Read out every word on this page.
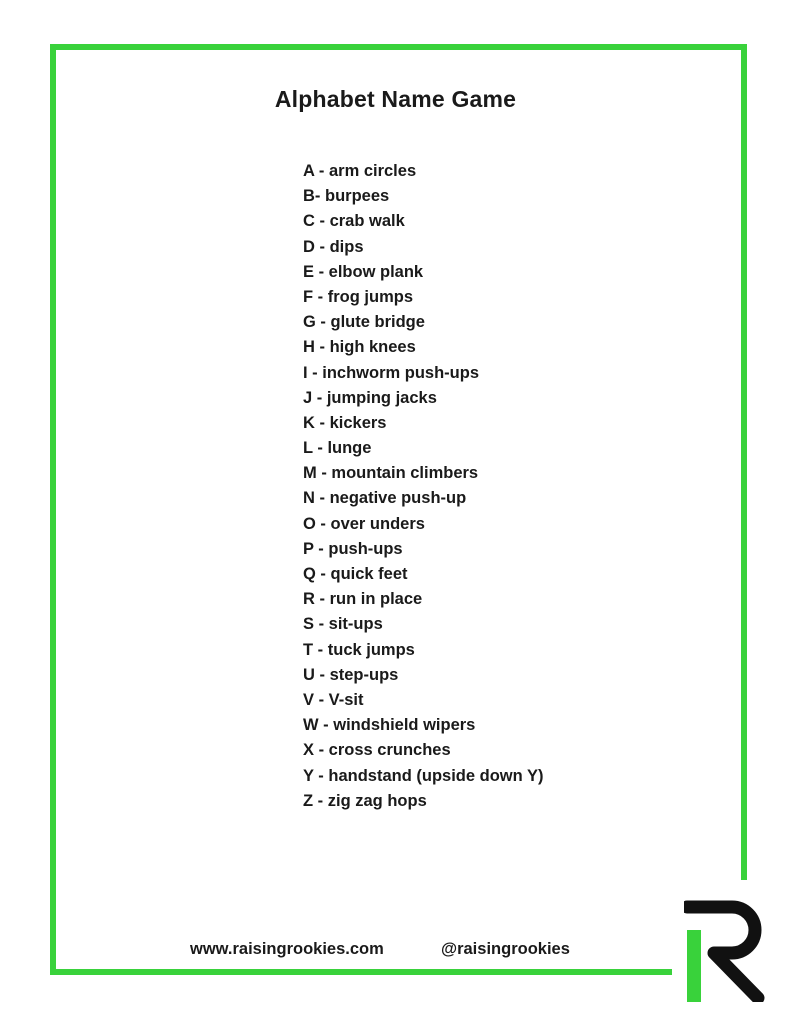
Alphabet Name Game
A - arm circles
B- burpees
C - crab walk
D - dips
E - elbow plank
F - frog jumps
G - glute bridge
H - high knees
I - inchworm push-ups
J - jumping jacks
K - kickers
L - lunge
M - mountain climbers
N - negative push-up
O - over unders
P - push-ups
Q - quick feet
R - run in place
S - sit-ups
T - tuck jumps
U - step-ups
V - V-sit
W - windshield wipers
X - cross crunches
Y - handstand (upside down Y)
Z - zig zag hops
www.raisingrookies.com	@raisingrookies
